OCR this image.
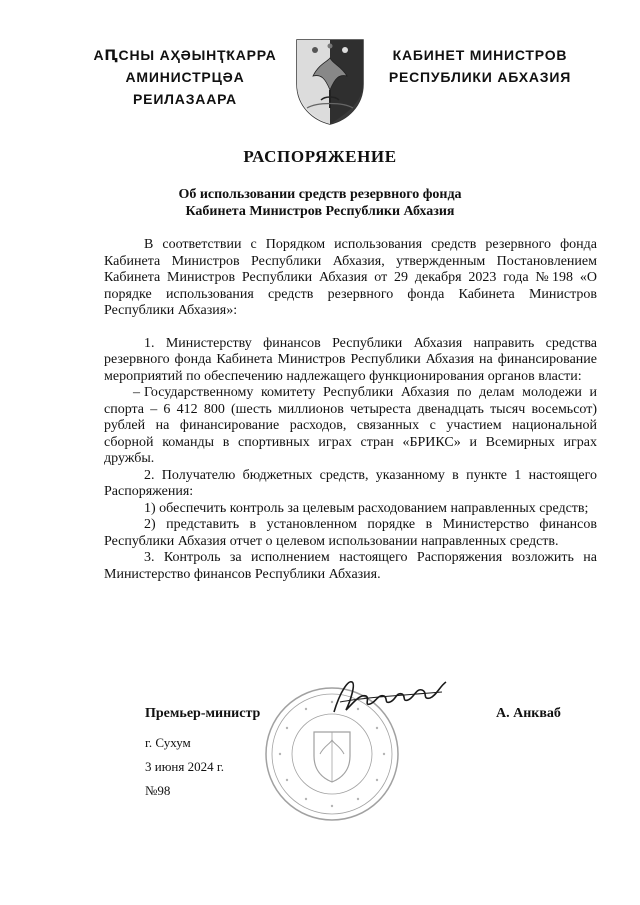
АԤСНЫ АҲӘЫНҬҞАРРА
АМИНИСТРЦӘА РЕИЛАЗААРА
КАБИНЕТ МИНИСТРОВ
РЕСПУБЛИКИ АБХАЗИЯ
РАСПОРЯЖЕНИЕ
Об использовании средств резервного фонда
Кабинета Министров Республики Абхазия

В соответствии с Порядком использования средств резервного фонда Кабинета Министров Республики Абхазия, утвержденным Постановлением Кабинета Министров Республики Абхазия от 29 декабря 2023 года №198 «О порядке использования средств резервного фонда Кабинета Министров Республики Абхазия»:

1. Министерству финансов Республики Абхазия направить средства резервного фонда Кабинета Министров Республики Абхазия на финансирование мероприятий по обеспечению надлежащего функционирования органов власти:

– Государственному комитету Республики Абхазия по делам молодежи и спорта – 6 412 800 (шесть миллионов четыреста двенадцать тысяч восемьсот) рублей на финансирование расходов, связанных с участием национальной сборной команды в спортивных играх стран «БРИКС» и Всемирных играх дружбы.

2. Получателю бюджетных средств, указанному в пункте 1 настоящего Распоряжения:

1) обеспечить контроль за целевым расходованием направленных средств;

2) представить в установленном порядке в Министерство финансов Республики Абхазия отчет о целевом использовании направленных средств.

3. Контроль за исполнением настоящего Распоряжения возложить на Министерство финансов Республики Абхазия.

Премьер-министр	А. Анкваб
г. Сухум
3 июня 2024 г.
№98
